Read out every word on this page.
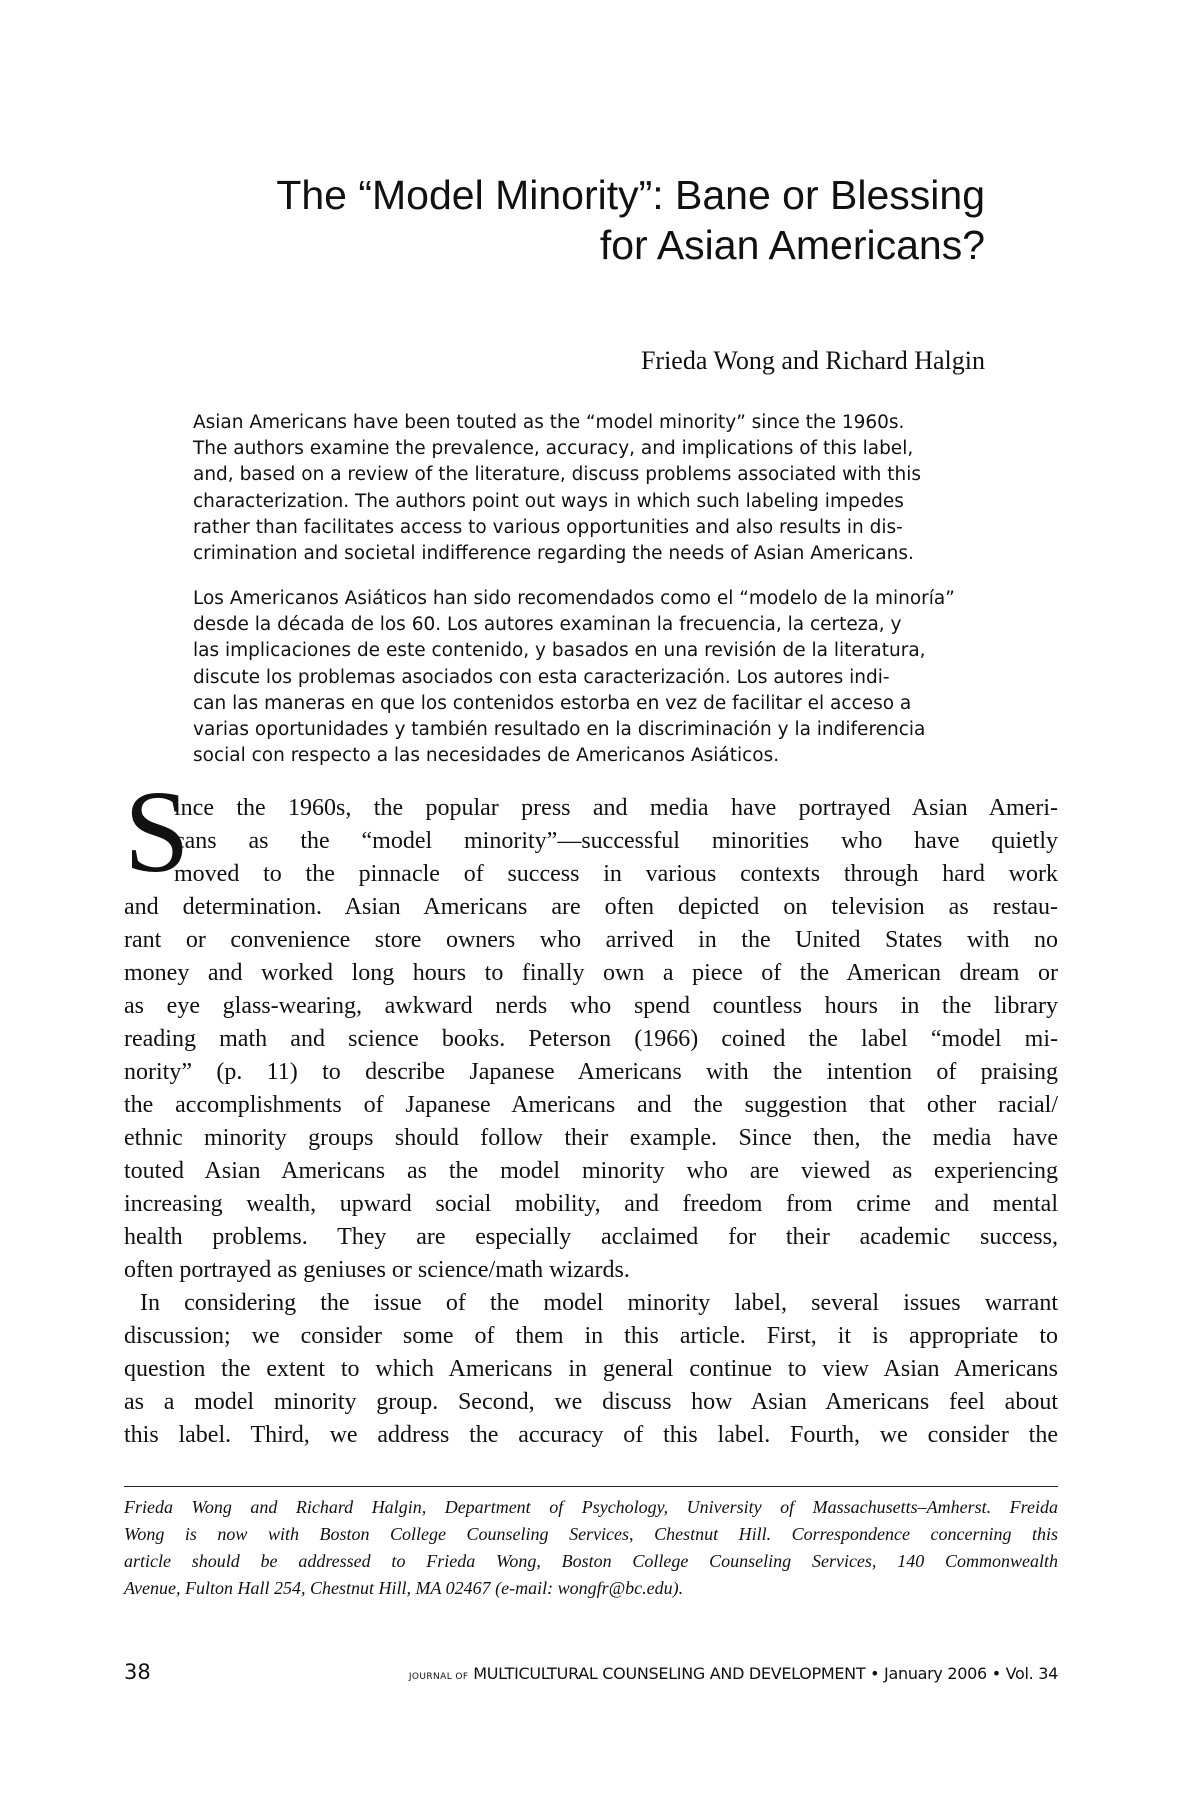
The “Model Minority”: Bane or Blessing
for Asian Americans?
Frieda Wong and Richard Halgin
Asian Americans have been touted as the “model minority” since the 1960s.
The authors examine the prevalence, accuracy, and implications of this label,
and, based on a review of the literature, discuss problems associated with this
characterization. The authors point out ways in which such labeling impedes
rather than facilitates access to various opportunities and also results in dis-
crimination and societal indifference regarding the needs of Asian Americans.
Los Americanos Asiáticos han sido recomendados como el “modelo de la minoría”
desde la década de los 60. Los autores examinan la frecuencia, la certeza, y
las implicaciones de este contenido, y basados en una revisión de la literatura,
discute los problemas asociados con esta caracterización. Los autores indi-
can las maneras en que los contenidos estorba en vez de facilitar el acceso a
varias oportunidades y también resultado en la discriminación y la indiferencia
social con respecto a las necesidades de Americanos Asiáticos.
S
ince the 1960s, the popular press and media have portrayed Asian Ameri-
cans as the “model minority”—successful minorities who have quietly
moved to the pinnacle of success in various contexts through hard work
and determination. Asian Americans are often depicted on television as restau-
rant or convenience store owners who arrived in the United States with no
money and worked long hours to finally own a piece of the American dream or
as eye glass-wearing, awkward nerds who spend countless hours in the library
reading math and science books. Peterson (1966) coined the label “model mi-
nority” (p. 11) to describe Japanese Americans with the intention of praising
the accomplishments of Japanese Americans and the suggestion that other racial/
ethnic minority groups should follow their example. Since then, the media have
touted Asian Americans as the model minority who are viewed as experiencing
increasing wealth, upward social mobility, and freedom from crime and mental
health problems. They are especially acclaimed for their academic success,
often portrayed as geniuses or science/math wizards.
In considering the issue of the model minority label, several issues warrant
discussion; we consider some of them in this article. First, it is appropriate to
question the extent to which Americans in general continue to view Asian Americans
as a model minority group. Second, we discuss how Asian Americans feel about
this label. Third, we address the accuracy of this label. Fourth, we consider the
Frieda Wong and Richard Halgin, Department of Psychology, University of Massachusetts–Amherst. Freida
Wong is now with Boston College Counseling Services, Chestnut Hill. Correspondence concerning this
article should be addressed to Frieda Wong, Boston College Counseling Services, 140 Commonwealth
Avenue, Fulton Hall 254, Chestnut Hill, MA 02467 (e-mail: wongfr@bc.edu).
38	JOURNAL OF MULTICULTURAL COUNSELING AND DEVELOPMENT • January 2006 • Vol. 34
